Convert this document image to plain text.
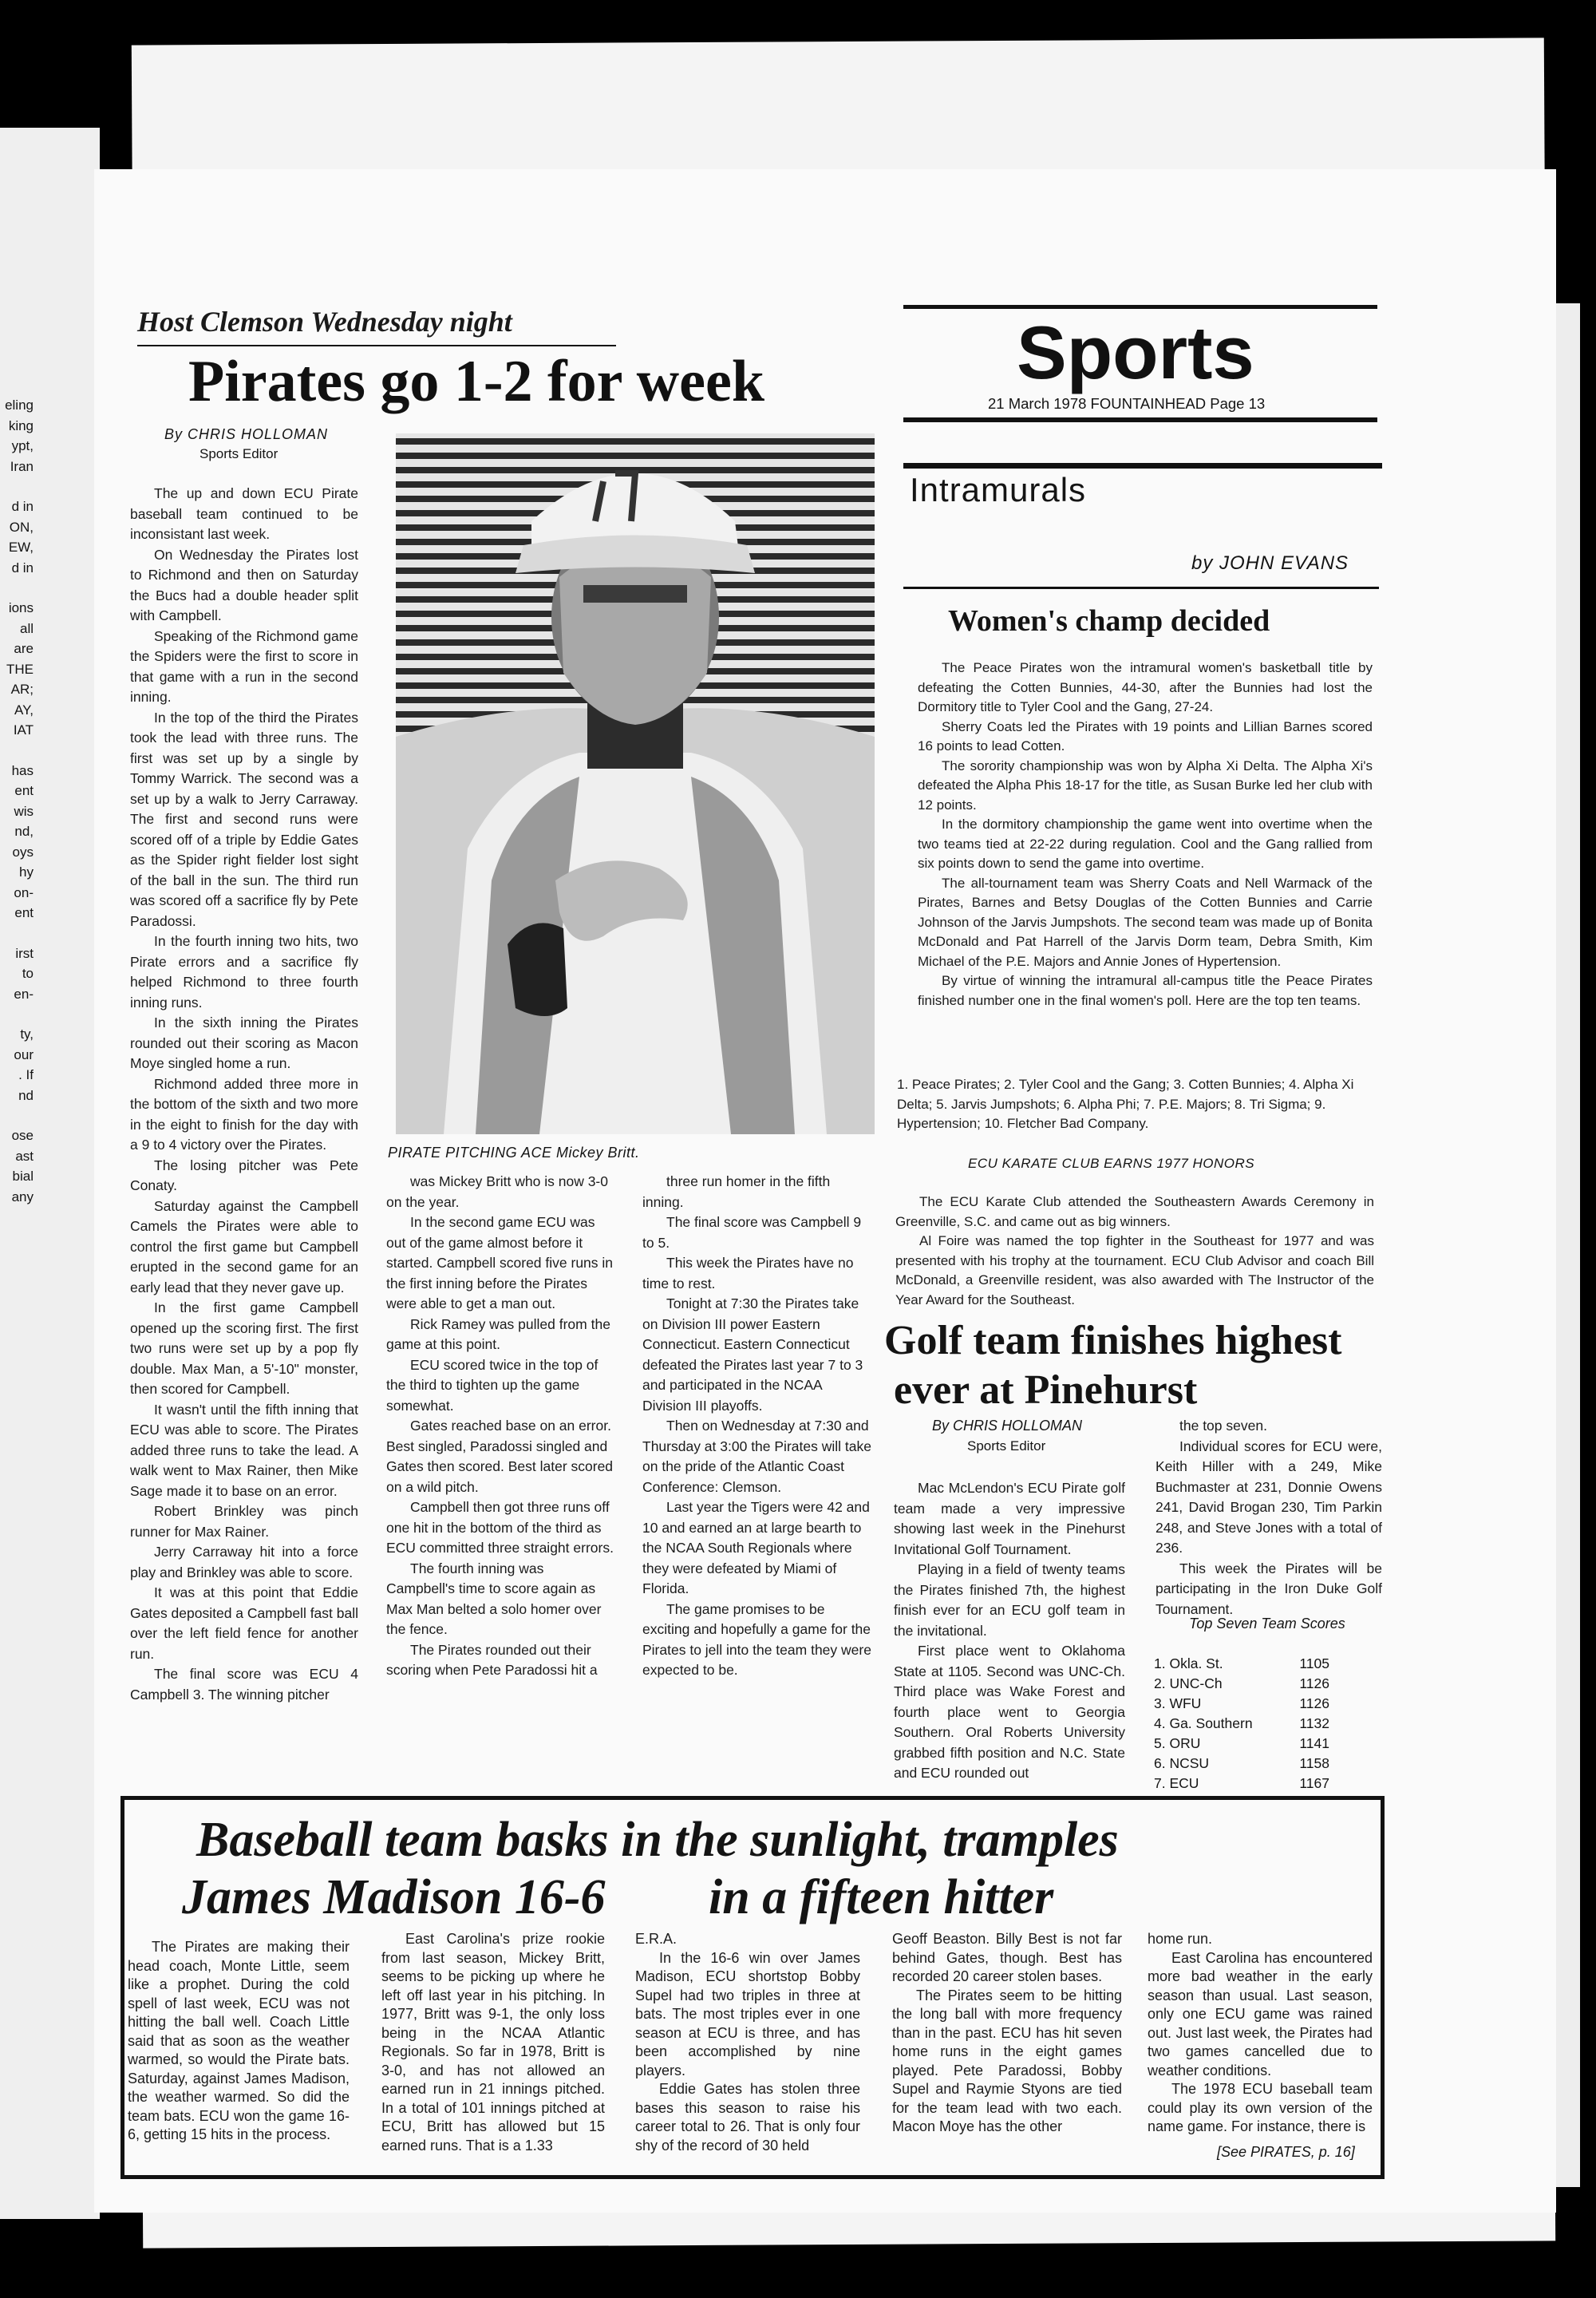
eling
king
ypt,
Iran
d in
ON,
EW,
d in
ions
all
are
THE
AR;
AY,
IAT
has
ent
wis
nd,
oys
hy
on-
ent
irst
to
en-
ty,
our
. If
nd
ose
ast
bial
any
Host Clemson Wednesday night
Pirates go 1-2 for week
By CHRIS HOLLOMAN
Sports Editor

The up and down ECU Pirate baseball team continued to be inconsistant last week.

On Wednesday the Pirates lost to Richmond and then on Saturday the Bucs had a double header split with Campbell.

Speaking of the Richmond game the Spiders were the first to score in that game with a run in the second inning.

In the top of the third the Pirates took the lead with three runs. The first was set up by a single by Tommy Warrick. The second was a set up by a walk to Jerry Carraway. The first and second runs were scored off of a triple by Eddie Gates as the Spider right fielder lost sight of the ball in the sun. The third run was scored off a sacrifice fly by Pete Paradossi.

In the fourth inning two hits, two Pirate errors and a sacrifice fly helped Richmond to three fourth inning runs.

In the sixth inning the Pirates rounded out their scoring as Macon Moye singled home a run.

Richmond added three more in the bottom of the sixth and two more in the eight to finish for the day with a 9 to 4 victory over the Pirates.

The losing pitcher was Pete Conaty.

Saturday against the Campbell Camels the Pirates were able to control the first game but Campbell erupted in the second game for an early lead that they never gave up.

In the first game Campbell opened up the scoring first. The first two runs were set up by a pop fly double. Max Man, a 5'-10" monster, then scored for Campbell.

It wasn't until the fifth inning that ECU was able to score. The Pirates added three runs to take the lead. A walk went to Max Rainer, then Mike Sage made it to base on an error.

Robert Brinkley was pinch runner for Max Rainer.

Jerry Carraway hit into a force play and Brinkley was able to score.

It was at this point that Eddie Gates deposited a Campbell fast ball over the left field fence for another run.

The final score was ECU 4 Campbell 3. The winning pitcher

PIRATE PITCHING ACE Mickey Britt.

was Mickey Britt who is now 3-0 on the year.

In the second game ECU was out of the game almost before it started. Campbell scored five runs in the first inning before the Pirates were able to get a man out.

Rick Ramey was pulled from the game at this point.

ECU scored twice in the top of the third to tighten up the game somewhat.

Gates reached base on an error. Best singled, Paradossi singled and Gates then scored. Best later scored on a wild pitch.

Campbell then got three runs off one hit in the bottom of the third as ECU committed three straight errors.

The fourth inning was Campbell's time to score again as Max Man belted a solo homer over the fence.

The Pirates rounded out their scoring when Pete Paradossi hit a

three run homer in the fifth inning.

The final score was Campbell 9 to 5.

This week the Pirates have no time to rest.

Tonight at 7:30 the Pirates take on Division III power Eastern Connecticut. Eastern Connecticut defeated the Pirates last year 7 to 3 and participated in the NCAA Division III playoffs.

Then on Wednesday at 7:30 and Thursday at 3:00 the Pirates will take on the pride of the Atlantic Coast Conference: Clemson.

Last year the Tigers were 42 and 10 and earned an at large bearth to the NCAA South Regionals where they were defeated by Miami of Florida.

The game promises to be exciting and hopefully a game for the Pirates to jell into the team they were expected to be.

Sports
21 March 1978 FOUNTAINHEAD Page 13
Intramurals
by JOHN EVANS
Women's champ decided

The Peace Pirates won the intramural women's basketball title by defeating the Cotten Bunnies, 44-30, after the Bunnies had lost the Dormitory title to Tyler Cool and the Gang, 27-24.

Sherry Coats led the Pirates with 19 points and Lillian Barnes scored 16 points to lead Cotten.

The sorority championship was won by Alpha Xi Delta. The Alpha Xi's defeated the Alpha Phis 18-17 for the title, as Susan Burke led her club with 12 points.

In the dormitory championship the game went into overtime when the two teams tied at 22-22 during regulation. Cool and the Gang rallied from six points down to send the game into overtime.

The all-tournament team was Sherry Coats and Nell Warmack of the Pirates, Barnes and Betsy Douglas of the Cotten Bunnies and Carrie Johnson of the Jarvis Jumpshots. The second team was made up of Bonita McDonald and Pat Harrell of the Jarvis Dorm team, Debra Smith, Kim Michael of the P.E. Majors and Annie Jones of Hypertension.

By virtue of winning the intramural all-campus title the Peace Pirates finished number one in the final women's poll. Here are the top ten teams.

1. Peace Pirates; 2. Tyler Cool and the Gang; 3. Cotten Bunnies; 4. Alpha Xi Delta; 5. Jarvis Jumpshots; 6. Alpha Phi; 7. P.E. Majors; 8. Tri Sigma; 9. Hypertension; 10. Fletcher Bad Company.
ECU KARATE CLUB EARNS 1977 HONORS

The ECU Karate Club attended the Southeastern Awards Ceremony in Greenville, S.C. and came out as big winners.

Al Foire was named the top fighter in the Southeast for 1977 and was presented with his trophy at the tournament. ECU Club Advisor and coach Bill McDonald, a Greenville resident, was also awarded with The Instructor of the Year Award for the Southeast.

Golf team finishes highest
ever at Pinehurst
By CHRIS HOLLOMAN
Sports Editor

Mac McLendon's ECU Pirate golf team made a very impressive showing last week in the Pinehurst Invitational Golf Tournament.

Playing in a field of twenty teams the Pirates finished 7th, the highest finish ever for an ECU golf team in the invitational.

First place went to Oklahoma State at 1105. Second was UNC-Ch. Third place was Wake Forest and fourth place went to Georgia Southern. Oral Roberts University grabbed fifth position and N.C. State and ECU rounded out

the top seven.

Individual scores for ECU were, Keith Hiller with a 249, Mike Buchmaster at 231, Donnie Owens 241, David Brogan 230, Tim Parkin 248, and Steve Jones with a total of 236.

This week the Pirates will be participating in the Iron Duke Golf Tournament.

Top Seven Team Scores
1. Okla. St.	1105
2. UNC-Ch	1126
3. WFU	1126
4. Ga. Southern	1132
5. ORU	1141
6. NCSU	1158
7. ECU	1167
Baseball team basks in the sunlight, tramples
James Madison 16-6 in a fifteen hitter

The Pirates are making their head coach, Monte Little, seem like a prophet. During the cold spell of last week, ECU was not hitting the ball well. Coach Little said that as soon as the weather warmed, so would the Pirate bats. Saturday, against James Madison, the weather warmed. So did the team bats. ECU won the game 16-6, getting 15 hits in the process.

East Carolina's prize rookie from last season, Mickey Britt, seems to be picking up where he left off last year in his pitching. In 1977, Britt was 9-1, the only loss being in the NCAA Atlantic Regionals. So far in 1978, Britt is 3-0, and has not allowed an earned run in 21 innings pitched. In a total of 101 innings pitched at ECU, Britt has allowed but 15 earned runs. That is a 1.33

E.R.A.

In the 16-6 win over James Madison, ECU shortstop Bobby Supel had two triples in three at bats. The most triples ever in one season at ECU is three, and has been accomplished by nine players.

Eddie Gates has stolen three bases this season to raise his career total to 26. That is only four shy of the record of 30 held

Geoff Beaston. Billy Best is not far behind Gates, though. Best has recorded 20 career stolen bases.

The Pirates seem to be hitting the long ball with more frequency than in the past. ECU has hit seven home runs in the eight games played. Pete Paradossi, Bobby Supel and Raymie Styons are tied for the team lead with two each. Macon Moye has the other

home run.

East Carolina has encountered more bad weather in the early season than usual. Last season, only one ECU game was rained out. Just last week, the Pirates had two games cancelled due to weather conditions.

The 1978 ECU baseball team could play its own version of the name game. For instance, there is

[See PIRATES, p. 16]
